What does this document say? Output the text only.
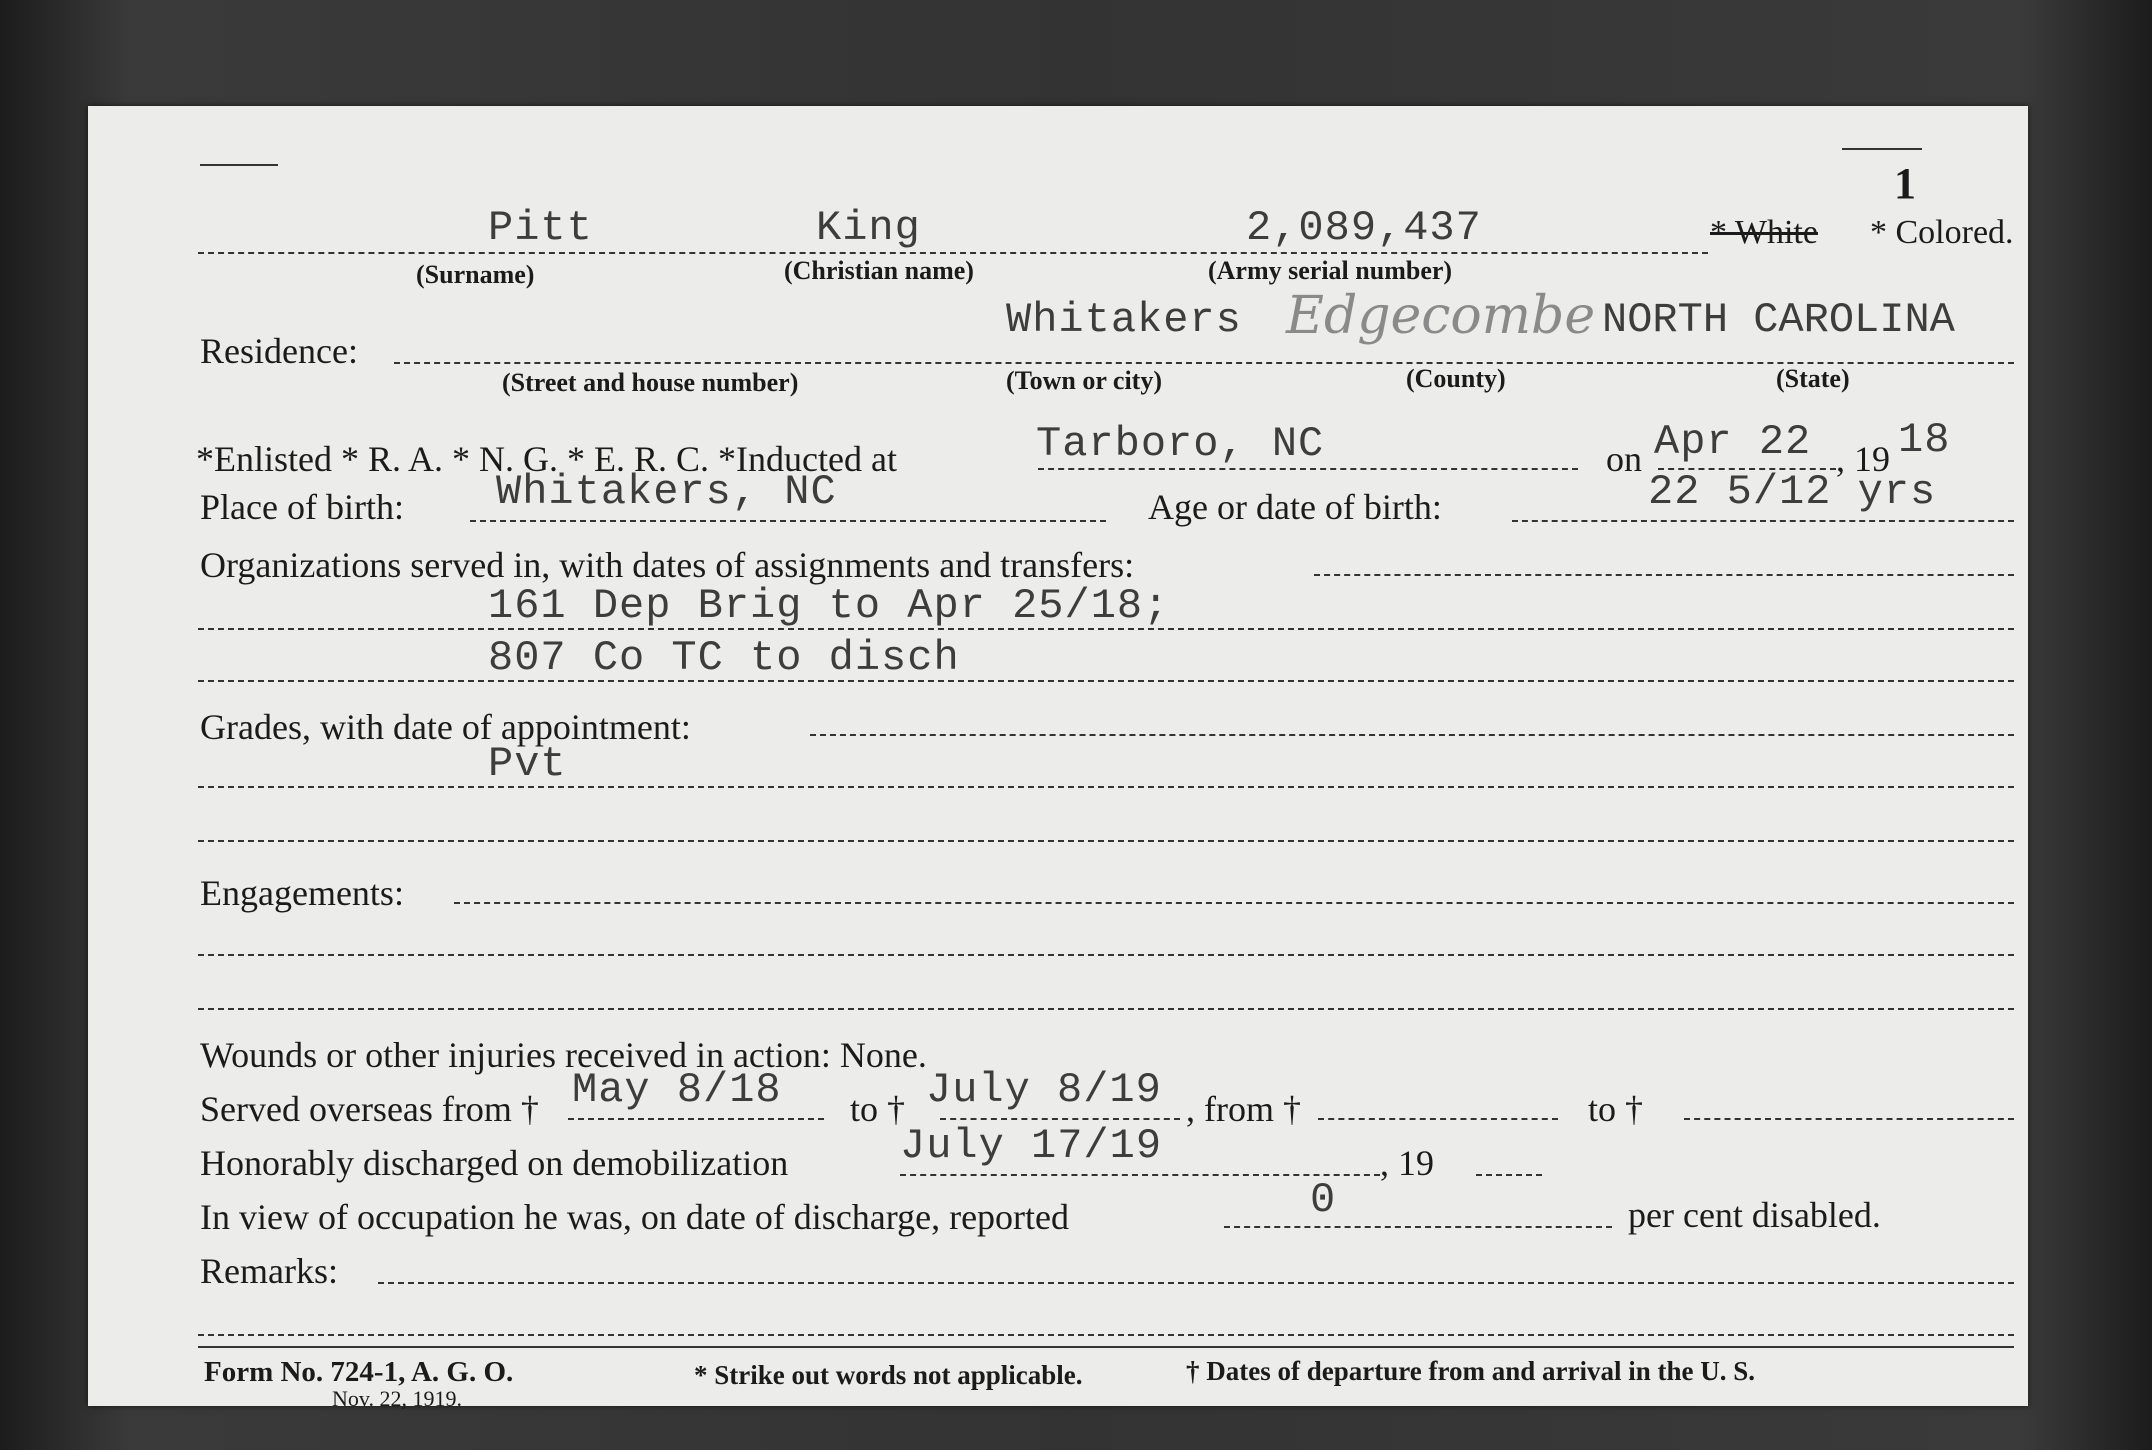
1
Pitt	King	2,089,437	* White * Colored.
(Surname)	(Christian name)	(Army serial number)
Residence:
Whitakers Edgecombe NORTH CAROLINA
(Street and house number)	(Town or city)	(County)	(State)
*Enlisted * R. A. * N. G. * E. R. C. *Inducted at	Tarboro, NC	on Apr 22 , 19 18
Place of birth: Whitakers, NC	Age or date of birth:	22 5/12 yrs
Organizations served in, with dates of assignments and transfers:
161 Dep Brig to Apr 25/18;
807 Co TC to disch
Grades, with date of appointment:
Pvt
Engagements:
Wounds or other injuries received in action: None.
Served overseas from † May 8/18 to † July 8/19 , from †	to †
Honorably discharged on demobilization	July 17/19	, 19
In view of occupation he was, on date of discharge, reported	0	per cent disabled.
Remarks:
Form No. 724-1, A. G. O.
Nov. 22, 1919.
* Strike out words not applicable.	† Dates of departure from and arrival in the U. S.
